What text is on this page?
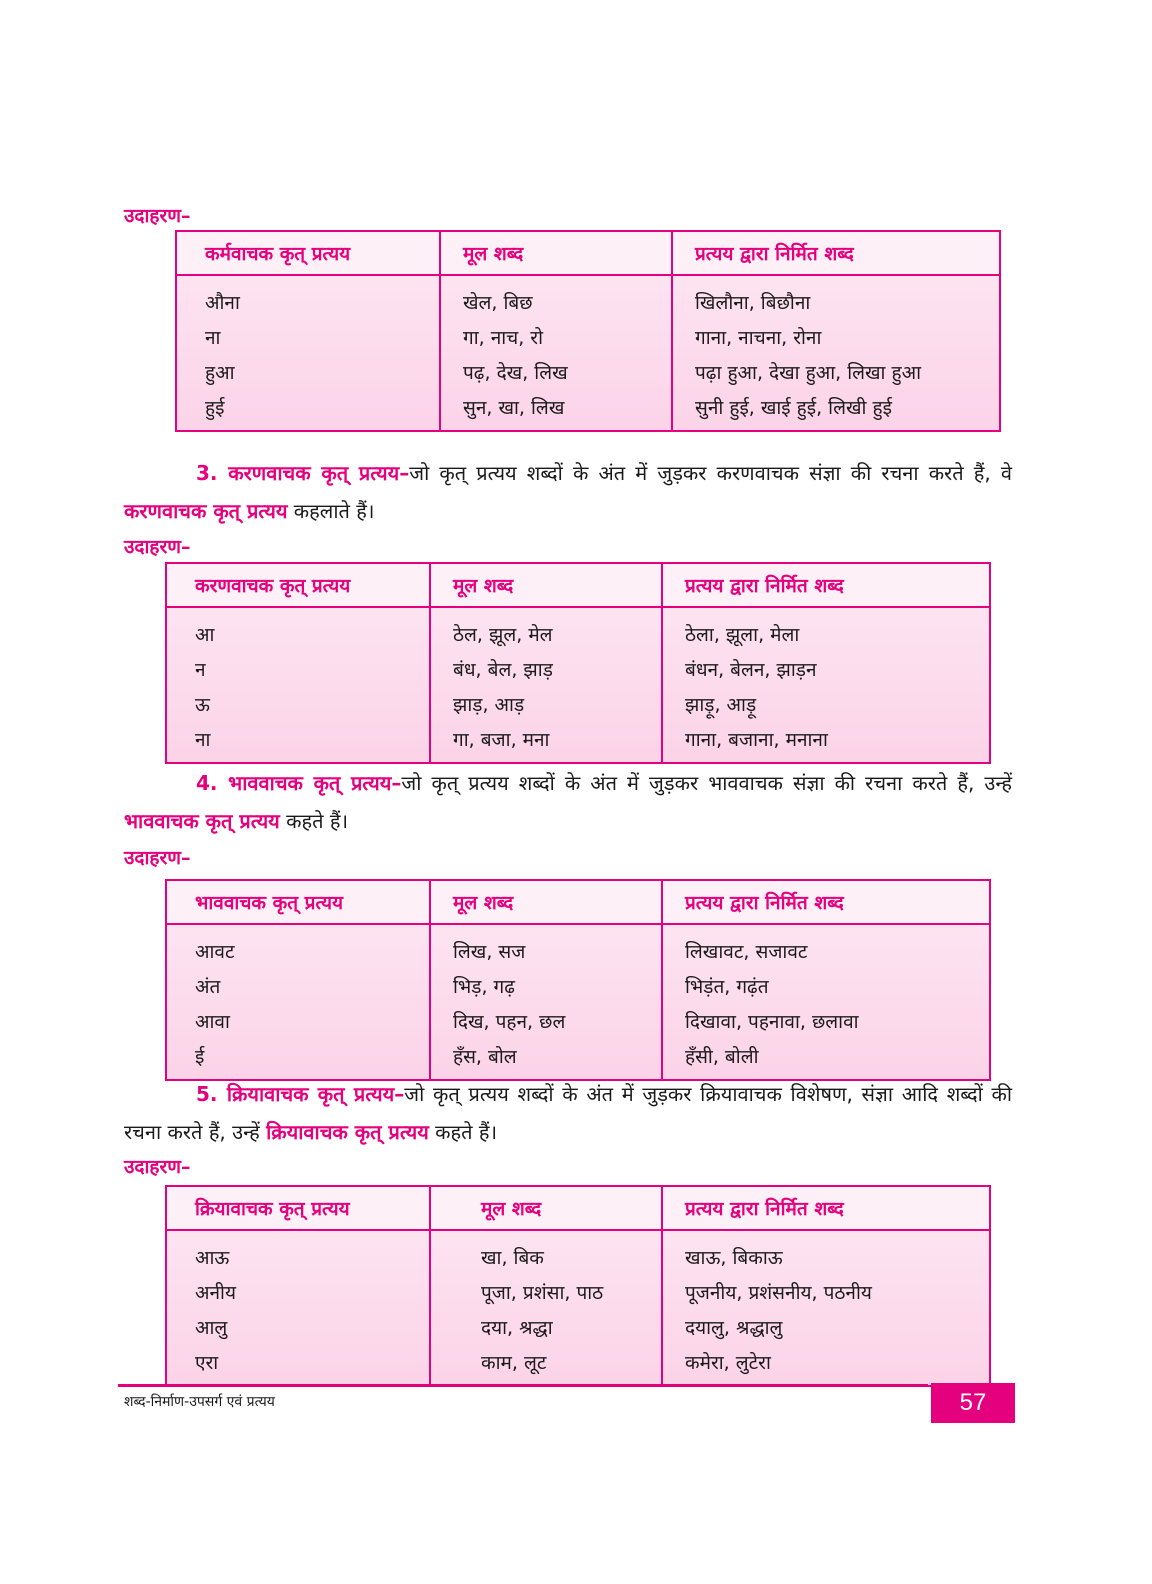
उदाहरण–
कर्मवाचक कृत् प्रत्यय	मूल शब्द	प्रत्यय द्वारा निर्मित शब्द
औना	खेल, बिछ	खिलौना, बिछौना
ना	गा, नाच, रो	गाना, नाचना, रोना
हुआ	पढ़, देख, लिख	पढ़ा हुआ, देखा हुआ, लिखा हुआ
हुई	सुन, खा, लिख	सुनी हुई, खाई हुई, लिखी हुई
3. करणवाचक कृत् प्रत्यय–जो कृत् प्रत्यय शब्दों के अंत में जुड़कर करणवाचक संज्ञा की रचना करते हैं, वे करणवाचक कृत् प्रत्यय कहलाते हैं।
उदाहरण–
करणवाचक कृत् प्रत्यय	मूल शब्द	प्रत्यय द्वारा निर्मित शब्द
आ	ठेल, झूल, मेल	ठेला, झूला, मेला
न	बंध, बेल, झाड़	बंधन, बेलन, झाड़न
ऊ	झाड़, आड़	झाड़ू, आड़ू
ना	गा, बजा, मना	गाना, बजाना, मनाना
4. भाववाचक कृत् प्रत्यय–जो कृत् प्रत्यय शब्दों के अंत में जुड़कर भाववाचक संज्ञा की रचना करते हैं, उन्हें भाववाचक कृत् प्रत्यय कहते हैं।
उदाहरण–
भाववाचक कृत् प्रत्यय	मूल शब्द	प्रत्यय द्वारा निर्मित शब्द
आवट	लिख, सज	लिखावट, सजावट
अंत	भिड़, गढ़	भिड़ंत, गढ़ंत
आवा	दिख, पहन, छल	दिखावा, पहनावा, छलावा
ई	हँस, बोल	हँसी, बोली
5. क्रियावाचक कृत् प्रत्यय–जो कृत् प्रत्यय शब्दों के अंत में जुड़कर क्रियावाचक विशेषण, संज्ञा आदि शब्दों की रचना करते हैं, उन्हें क्रियावाचक कृत् प्रत्यय कहते हैं।
उदाहरण–
क्रियावाचक कृत् प्रत्यय	मूल शब्द	प्रत्यय द्वारा निर्मित शब्द
आऊ	खा, बिक	खाऊ, बिकाऊ
अनीय	पूजा, प्रशंसा, पाठ	पूजनीय, प्रशंसनीय, पठनीय
आलु	दया, श्रद्धा	दयालु, श्रद्धालु
एरा	काम, लूट	कमेरा, लुटेरा
शब्द-निर्माण-उपसर्ग एवं प्रत्यय	57
